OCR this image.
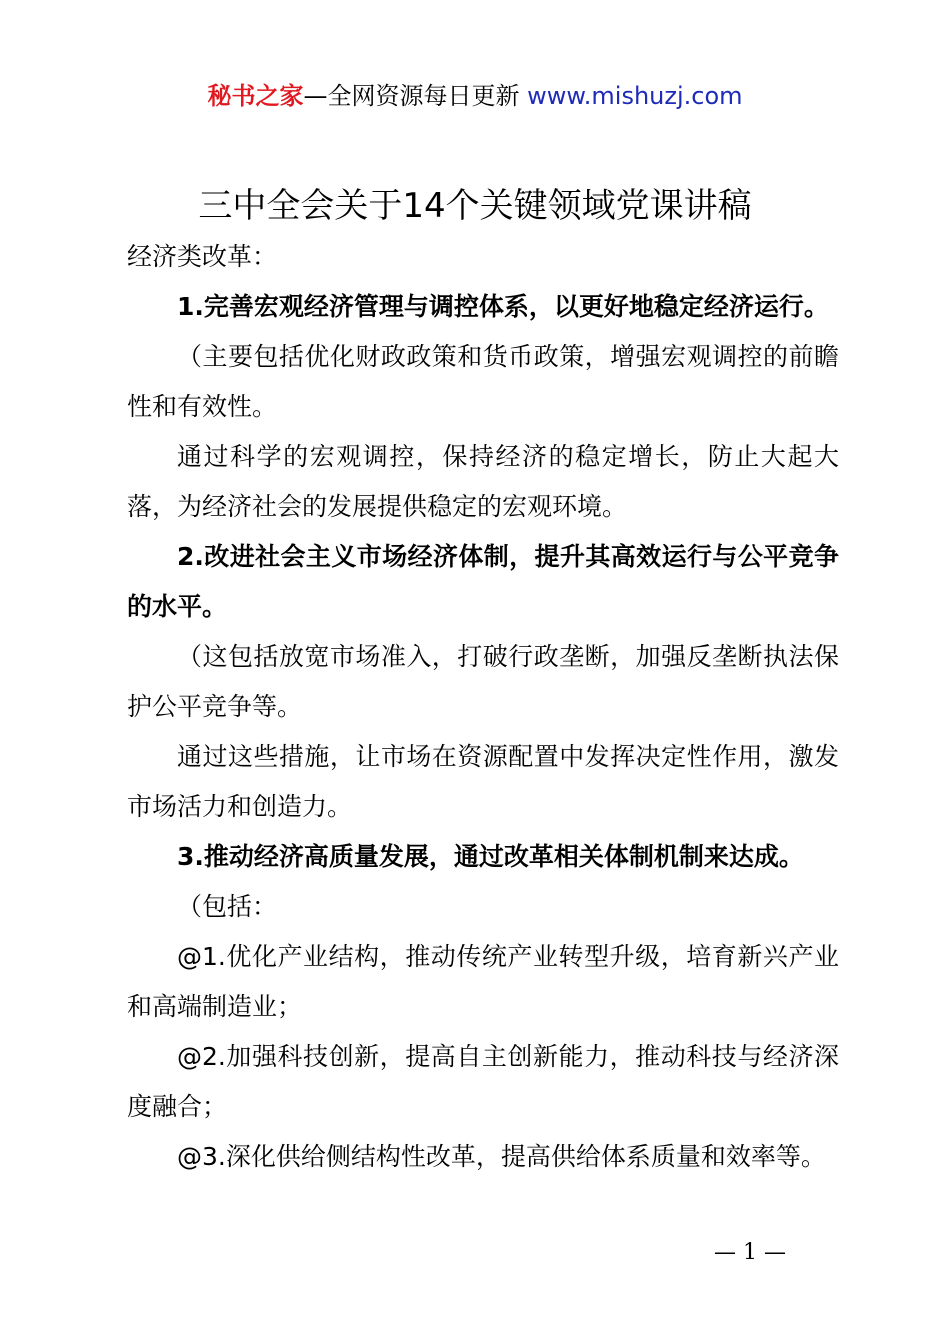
秘书之家—全网资源每日更新 www.mishuzj.com
三中全会关于14个关键领域党课讲稿

经济类改革：

1.完善宏观经济管理与调控体系，以更好地稳定经济运行。

（主要包括优化财政政策和货币政策，增强宏观调控的前瞻性和有效性。

通过科学的宏观调控，保持经济的稳定增长，防止大起大落，为经济社会的发展提供稳定的宏观环境。

2.改进社会主义市场经济体制，提升其高效运行与公平竞争的水平。

（这包括放宽市场准入，打破行政垄断，加强反垄断执法保护公平竞争等。

通过这些措施，让市场在资源配置中发挥决定性作用，激发市场活力和创造力。

3.推动经济高质量发展，通过改革相关体制机制来达成。

（包括：

@1.优化产业结构，推动传统产业转型升级，培育新兴产业和高端制造业；

@2.加强科技创新，提高自主创新能力，推动科技与经济深度融合；

@3.深化供给侧结构性改革，提高供给体系质量和效率等。

— 1 —
